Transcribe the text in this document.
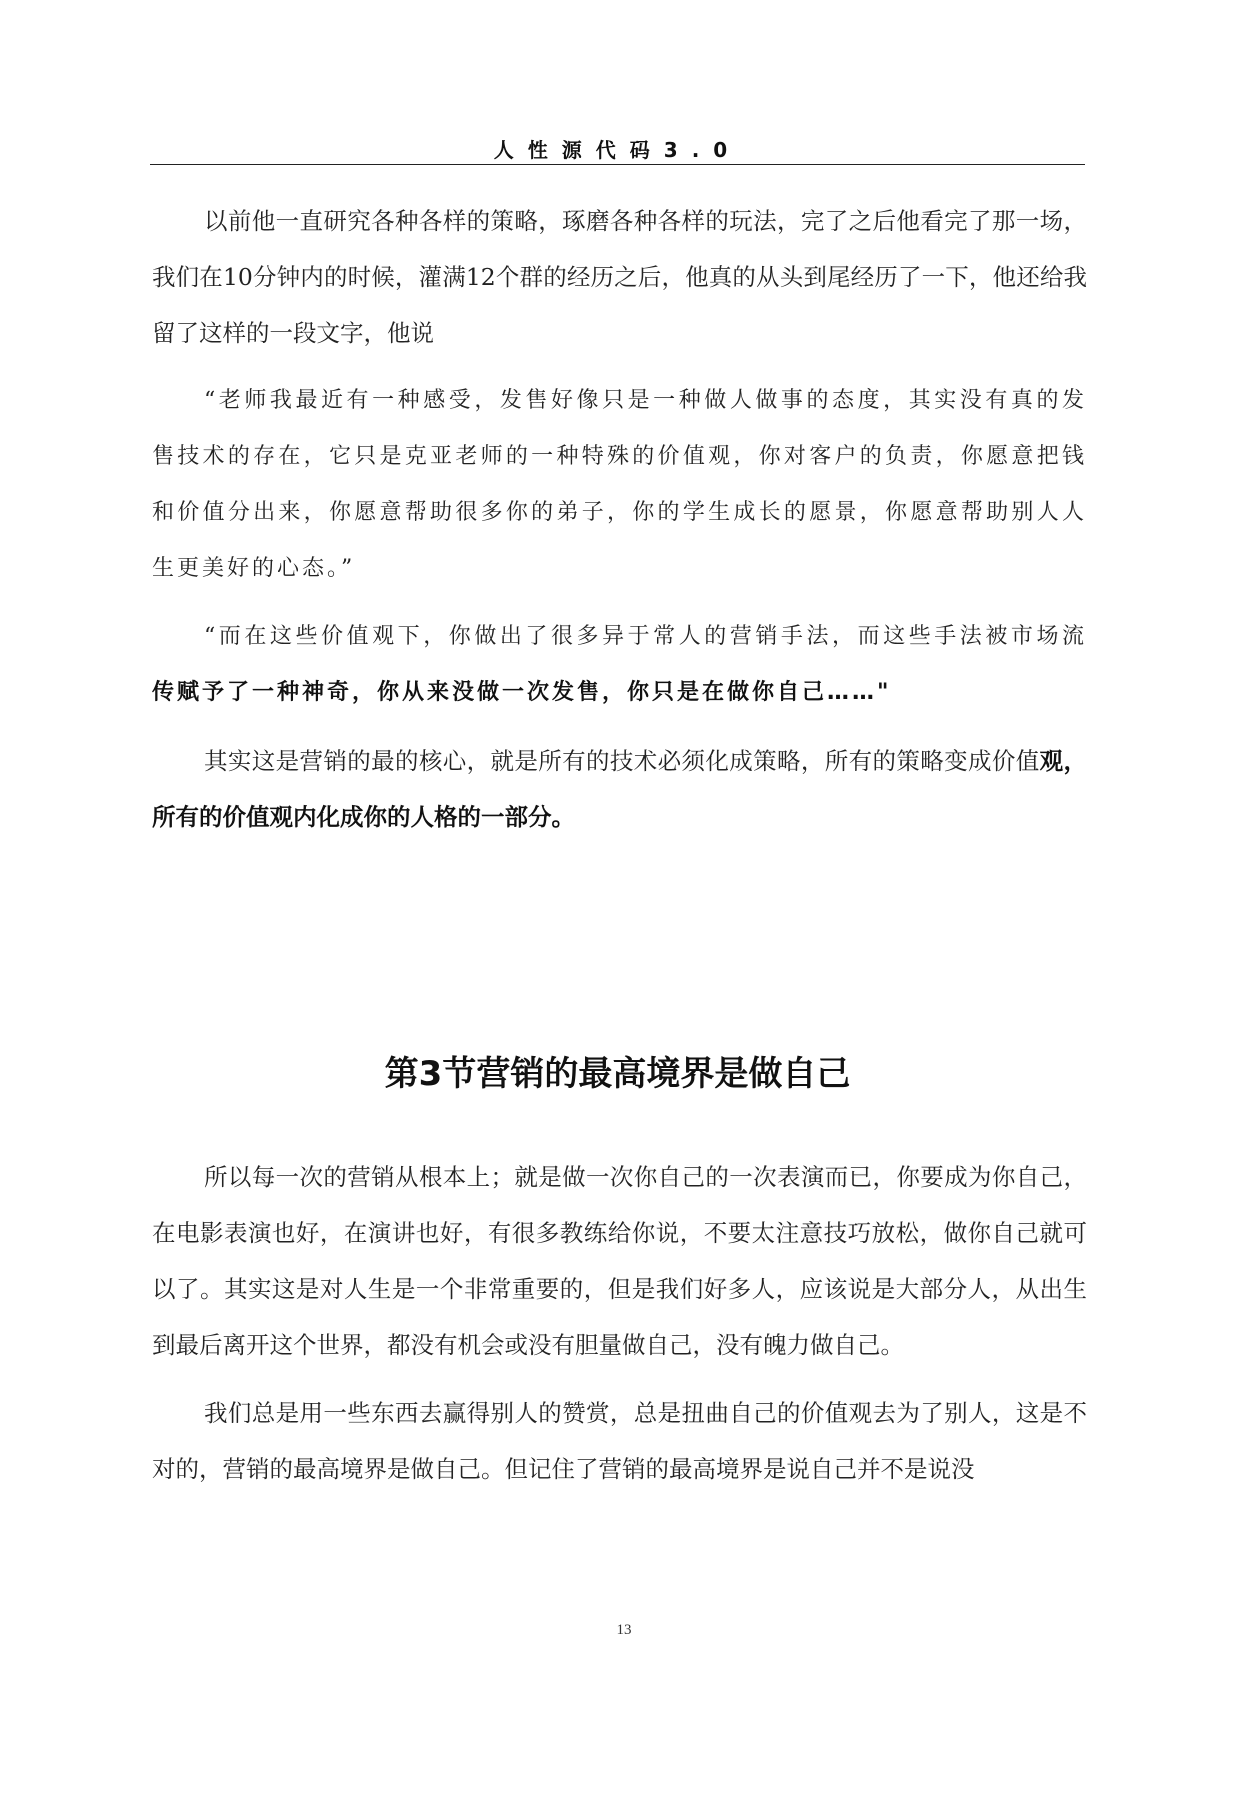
人性源代码3.0

以前他一直研究各种各样的策略，琢磨各种各样的玩法，完了之后他看完了那一场，我们在10分钟内的时候，灌满12个群的经历之后，他真的从头到尾经历了一下，他还给我留了这样的一段文字，他说

“老师我最近有一种感受，发售好像只是一种做人做事的态度，其实没有真的发售技术的存在，它只是克亚老师的一种特殊的价值观，你对客户的负责，你愿意把钱和价值分出来，你愿意帮助很多你的弟子，你的学生成长的愿景，你愿意帮助别人人生更美好的心态。”

“而在这些价值观下，你做出了很多异于常人的营销手法，而这些手法被市场流传赋予了一种神奇，你从来没做一次发售，你只是在做你自己……"

其实这是营销的最的核心，就是所有的技术必须化成策略，所有的策略变成价值观，所有的价值观内化成你的人格的一部分。

第3节营销的最高境界是做自己

所以每一次的营销从根本上；就是做一次你自己的一次表演而已，你要成为你自己，在电影表演也好，在演讲也好，有很多教练给你说，不要太注意技巧放松，做你自己就可以了。其实这是对人生是一个非常重要的，但是我们好多人，应该说是大部分人，从出生到最后离开这个世界，都没有机会或没有胆量做自己，没有魄力做自己。

我们总是用一些东西去赢得别人的赞赏，总是扭曲自己的价值观去为了别人，这是不对的，营销的最高境界是做自己。但记住了营销的最高境界是说自己并不是说没

13
